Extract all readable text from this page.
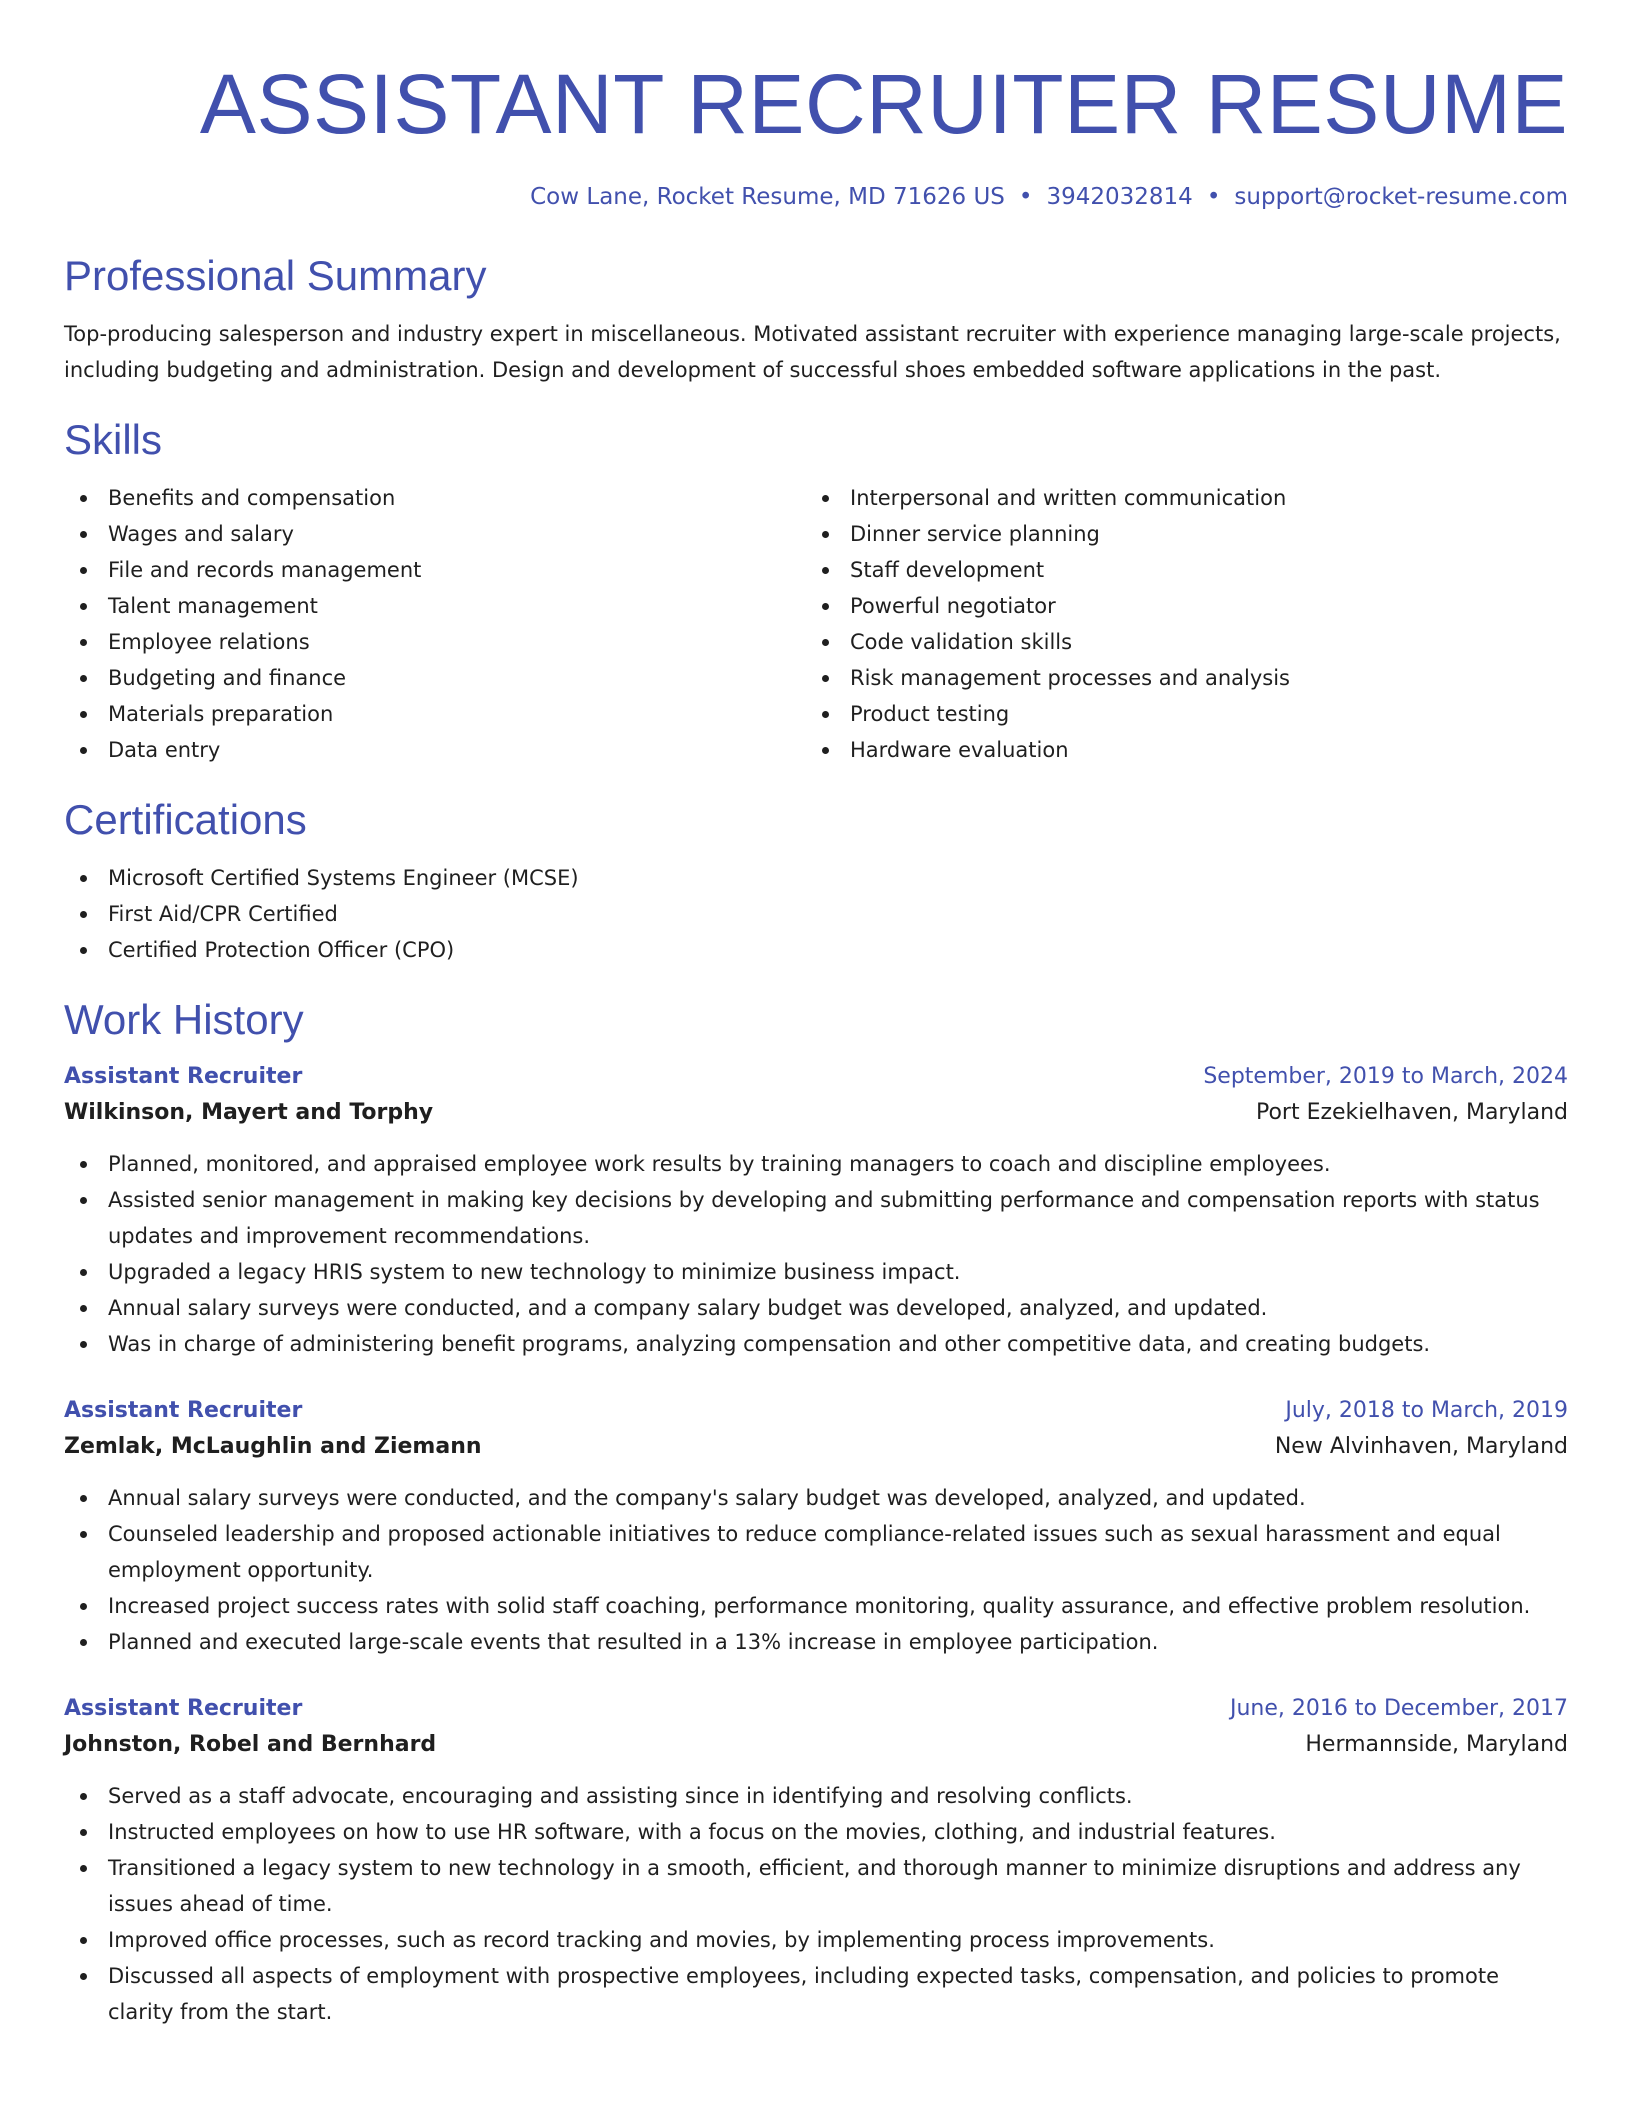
ASSISTANT RECRUITER RESUME
Cow Lane, Rocket Resume, MD 71626 US • 3942032814 • support@rocket-resume.com
Professional Summary

Top-producing salesperson and industry expert in miscellaneous. Motivated assistant recruiter with experience managing large-scale projects, including budgeting and administration. Design and development of successful shoes embedded software applications in the past.

Skills
Benefits and compensation
Wages and salary
File and records management
Talent management
Employee relations
Budgeting and finance
Materials preparation
Data entry
Interpersonal and written communication
Dinner service planning
Staff development
Powerful negotiator
Code validation skills
Risk management processes and analysis
Product testing
Hardware evaluation
Certifications
Microsoft Certified Systems Engineer (MCSE)
First Aid/CPR Certified
Certified Protection Officer (CPO)
Work History
Assistant Recruiter	September, 2019 to March, 2024
Wilkinson, Mayert and Torphy	Port Ezekielhaven, Maryland
Planned, monitored, and appraised employee work results by training managers to coach and discipline employees.
Assisted senior management in making key decisions by developing and submitting performance and compensation reports with status updates and improvement recommendations.
Upgraded a legacy HRIS system to new technology to minimize business impact.
Annual salary surveys were conducted, and a company salary budget was developed, analyzed, and updated.
Was in charge of administering benefit programs, analyzing compensation and other competitive data, and creating budgets.
Assistant Recruiter	July, 2018 to March, 2019
Zemlak, McLaughlin and Ziemann	New Alvinhaven, Maryland
Annual salary surveys were conducted, and the company's salary budget was developed, analyzed, and updated.
Counseled leadership and proposed actionable initiatives to reduce compliance-related issues such as sexual harassment and equal employment opportunity.
Increased project success rates with solid staff coaching, performance monitoring, quality assurance, and effective problem resolution.
Planned and executed large-scale events that resulted in a 13% increase in employee participation.
Assistant Recruiter	June, 2016 to December, 2017
Johnston, Robel and Bernhard	Hermannside, Maryland
Served as a staff advocate, encouraging and assisting since in identifying and resolving conflicts.
Instructed employees on how to use HR software, with a focus on the movies, clothing, and industrial features.
Transitioned a legacy system to new technology in a smooth, efficient, and thorough manner to minimize disruptions and address any issues ahead of time.
Improved office processes, such as record tracking and movies, by implementing process improvements.
Discussed all aspects of employment with prospective employees, including expected tasks, compensation, and policies to promote clarity from the start.
